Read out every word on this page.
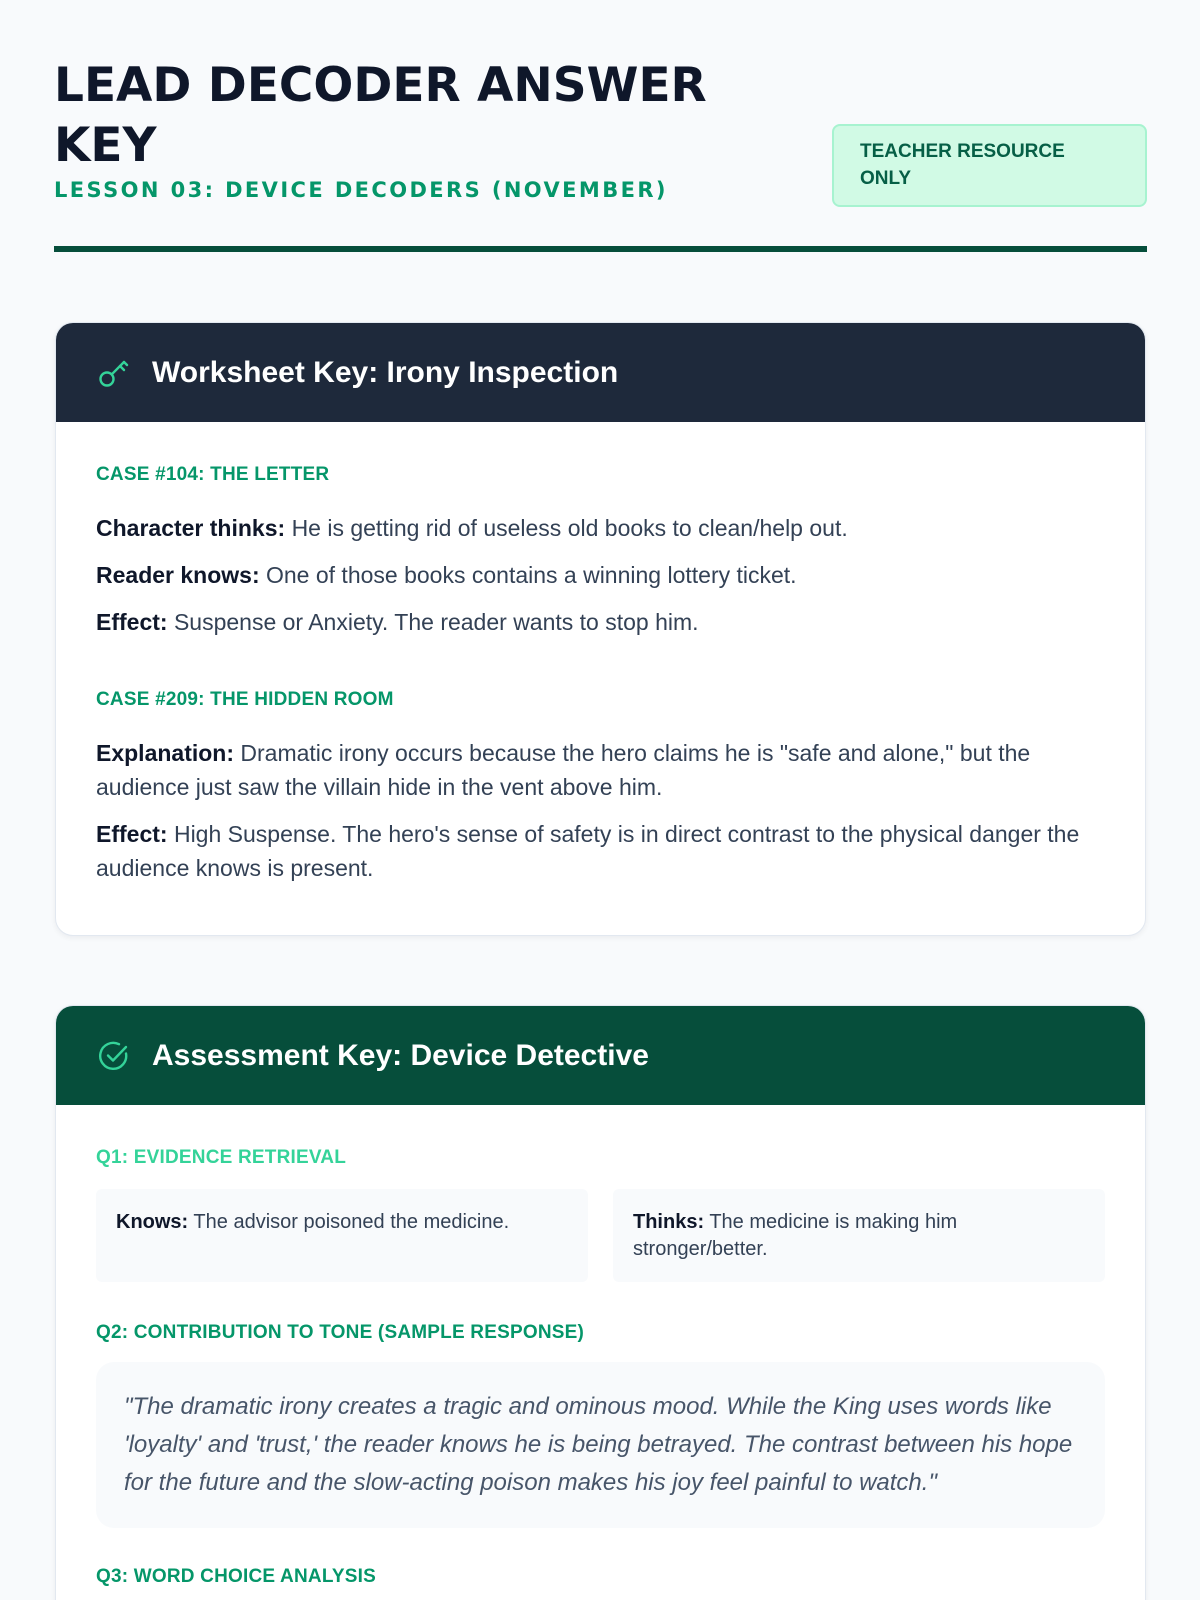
LEAD DECODER ANSWER KEY
LESSON 03: DEVICE DECODERS (NOVEMBER)
TEACHER RESOURCE ONLY
Worksheet Key: Irony Inspection
CASE #104: THE LETTER
Character thinks: He is getting rid of useless old books to clean/help out.
Reader knows: One of those books contains a winning lottery ticket.
Effect: Suspense or Anxiety. The reader wants to stop him.
CASE #209: THE HIDDEN ROOM
Explanation: Dramatic irony occurs because the hero claims he is "safe and alone," but the audience just saw the villain hide in the vent above him.
Effect: High Suspense. The hero's sense of safety is in direct contrast to the physical danger the audience knows is present.
Assessment Key: Device Detective
Q1: EVIDENCE RETRIEVAL
Knows: The advisor poisoned the medicine.	Thinks: The medicine is making him stronger/better.
Q2: CONTRIBUTION TO TONE (SAMPLE RESPONSE)
"The dramatic irony creates a tragic and ominous mood. While the King uses words like 'loyalty' and 'trust,' the reader knows he is being betrayed. The contrast between his hope for the future and the slow-acting poison makes his joy feel painful to watch."
Q3: WORD CHOICE ANALYSIS
